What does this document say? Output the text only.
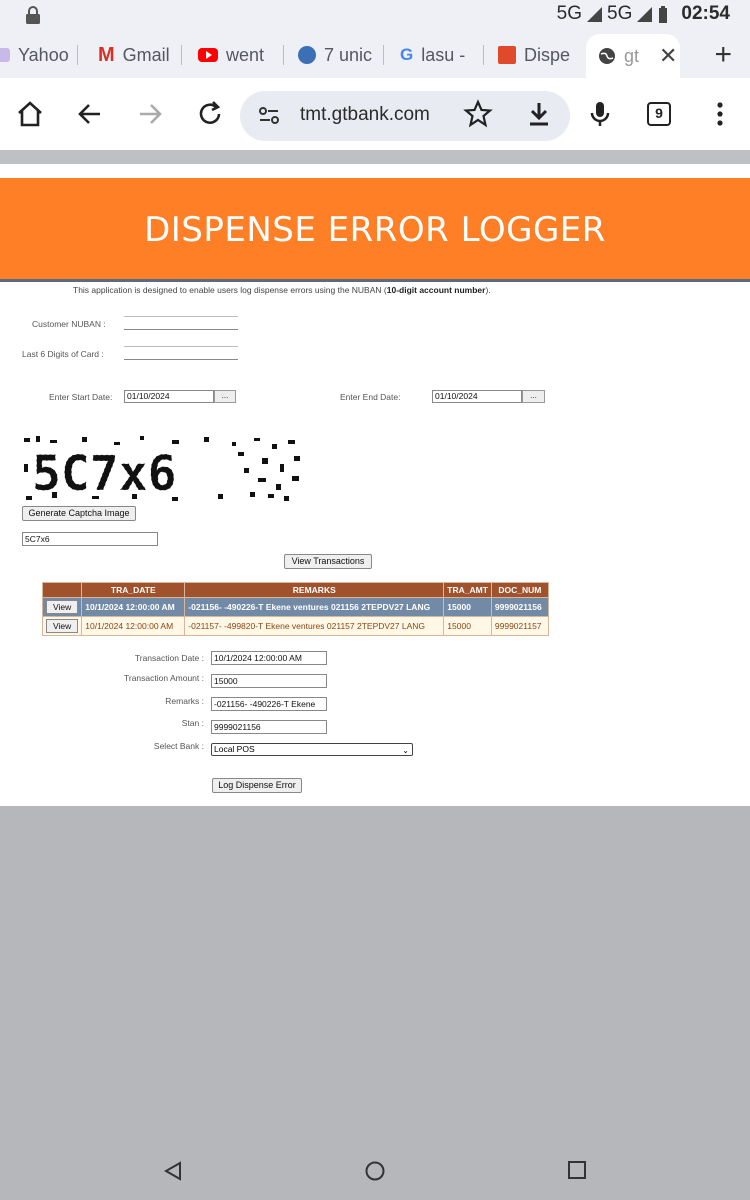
5G 5G	02:54
Yahoo M Gmail	went	7 unic G lasu -	Dispe	gt ✕ +
tmt.gtbank.com	9
DISPENSE ERROR LOGGER
This application is designed to enable users log dispense errors using the NUBAN (10-digit account number).
Customer NUBAN :
Last 6 Digits of Card :
Enter Start Date:	01/10/2024	...	Enter End Date:	01/10/2024	...
5C7x6
Generate Captcha Image
5C7x6
View Transactions
	TRA_DATE	REMARKS	TRA_AMT	DOC_NUM
View	10/1/2024 12:00:00 AM	-021156- -490226-T Ekene ventures 021156 2TEPDV27 LANG	15000	9999021156
View	10/1/2024 12:00:00 AM	-021157- -499820-T Ekene ventures 021157 2TEPDV27 LANG	15000	9999021157
Transaction Date :	10/1/2024 12:00:00 AM
Transaction Amount :	15000
Remarks :	-021156- -490226-T Ekene
Stan :	9999021156
Select Bank :	Local POS	⌄
Log Dispense Error
